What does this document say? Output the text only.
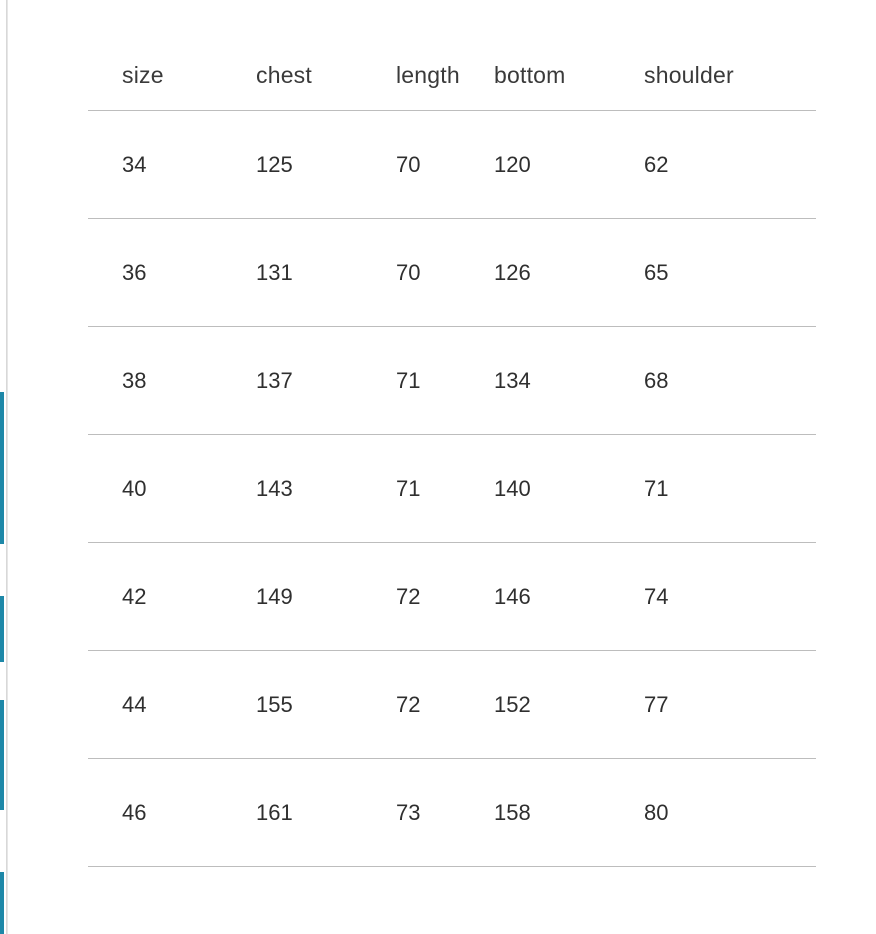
size	chest	length	bottom	shoulder
34	125	70	120	62
36	131	70	126	65
38	137	71	134	68
40	143	71	140	71
42	149	72	146	74
44	155	72	152	77
46	161	73	158	80
